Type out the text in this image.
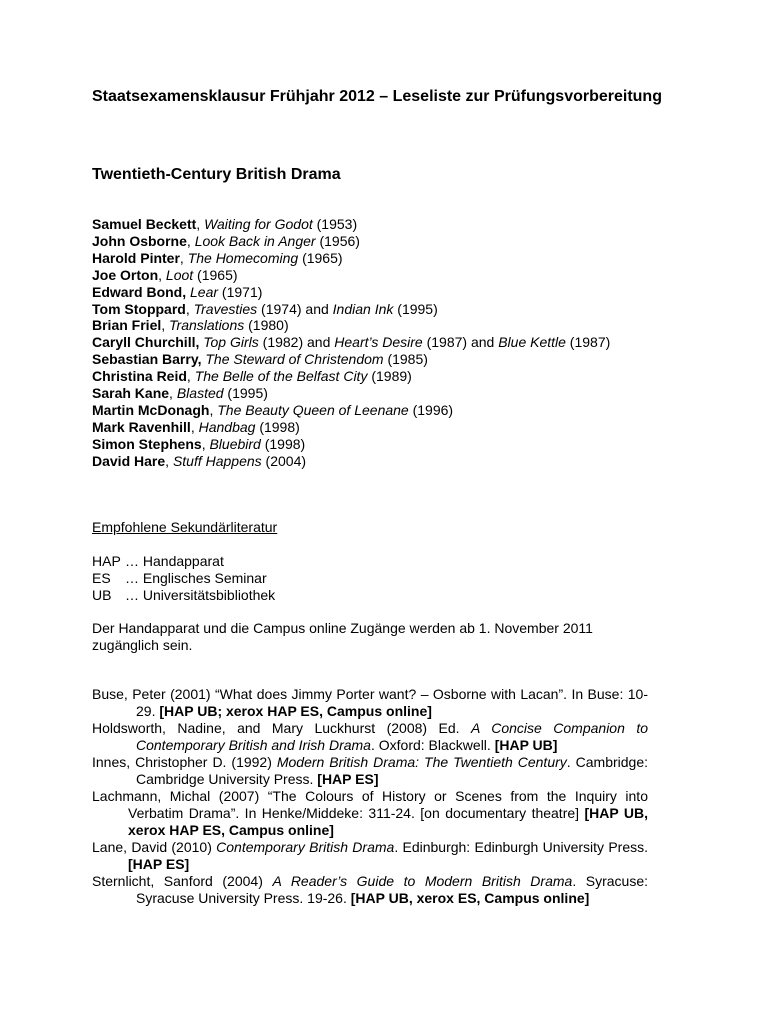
Staatsexamensklausur Frühjahr 2012 – Leseliste zur Prüfungsvorbereitung
Twentieth-Century British Drama
Samuel Beckett, Waiting for Godot (1953)
John Osborne, Look Back in Anger (1956)
Harold Pinter, The Homecoming (1965)
Joe Orton, Loot (1965)
Edward Bond, Lear (1971)
Tom Stoppard, Travesties (1974) and Indian Ink (1995)
Brian Friel, Translations (1980)
Caryll Churchill, Top Girls (1982) and Heart’s Desire (1987) and Blue Kettle (1987)
Sebastian Barry, The Steward of Christendom (1985)
Christina Reid, The Belle of the Belfast City (1989)
Sarah Kane, Blasted (1995)
Martin McDonagh, The Beauty Queen of Leenane (1996)
Mark Ravenhill, Handbag (1998)
Simon Stephens, Bluebird (1998)
David Hare, Stuff Happens (2004)

Empfohlene Sekundärliteratur

HAP … Handapparat
ES … Englisches Seminar
UB … Universitätsbibliothek

Der Handapparat und die Campus online Zugänge werden ab 1. November 2011 zugänglich sein.

Buse, Peter (2001) “What does Jimmy Porter want? – Osborne with Lacan”. In Buse: 10-29. [HAP UB; xerox HAP ES, Campus online]
Holdsworth, Nadine, and Mary Luckhurst (2008) Ed. A Concise Companion to Contemporary British and Irish Drama. Oxford: Blackwell. [HAP UB]
Innes, Christopher D. (1992) Modern British Drama: The Twentieth Century. Cambridge: Cambridge University Press. [HAP ES]
Lachmann, Michal (2007) “The Colours of History or Scenes from the Inquiry into Verbatim Drama”. In Henke/Middeke: 311-24. [on documentary theatre] [HAP UB, xerox HAP ES, Campus online]
Lane, David (2010) Contemporary British Drama. Edinburgh: Edinburgh University Press. [HAP ES]
Sternlicht, Sanford (2004) A Reader’s Guide to Modern British Drama. Syracuse: Syracuse University Press. 19-26. [HAP UB, xerox ES, Campus online]
